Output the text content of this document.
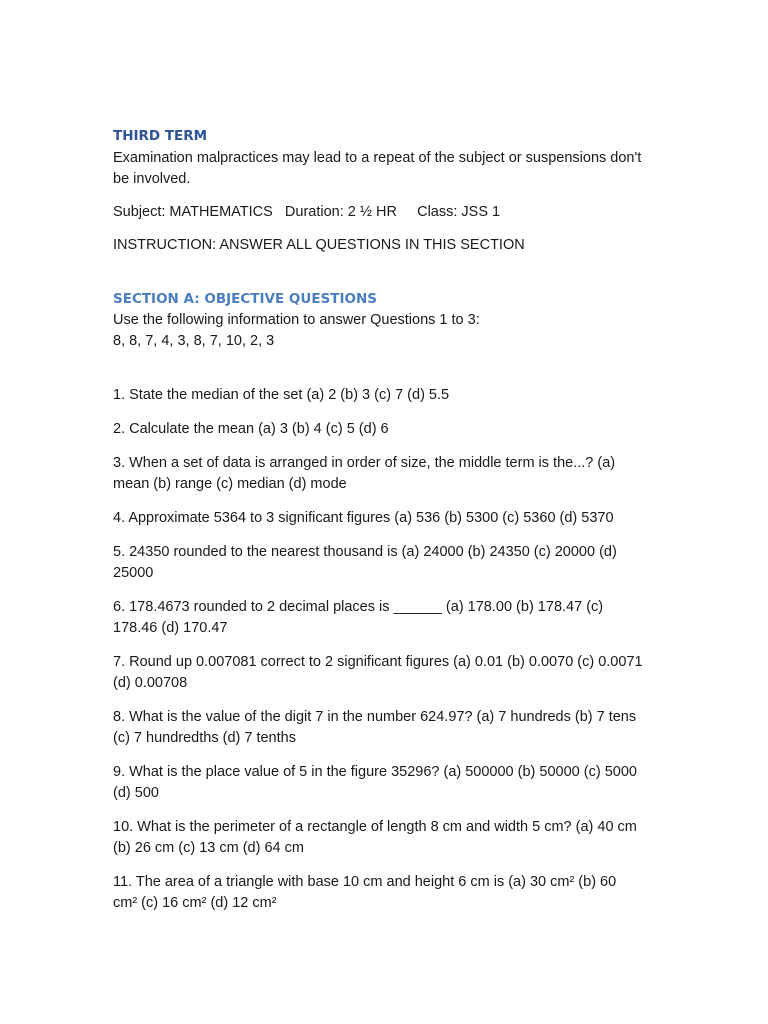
THIRD TERM

Examination malpractices may lead to a repeat of the subject or suspensions don't be involved.

Subject: MATHEMATICS Duration: 2 ½ HR Class: JSS 1

INSTRUCTION: ANSWER ALL QUESTIONS IN THIS SECTION

SECTION A: OBJECTIVE QUESTIONS

Use the following information to answer Questions 1 to 3:

8, 8, 7, 4, 3, 8, 7, 10, 2, 3

1. State the median of the set (a) 2 (b) 3 (c) 7 (d) 5.5

2. Calculate the mean (a) 3 (b) 4 (c) 5 (d) 6

3. When a set of data is arranged in order of size, the middle term is the...? (a) mean (b) range (c) median (d) mode

4. Approximate 5364 to 3 significant figures (a) 536 (b) 5300 (c) 5360 (d) 5370

5. 24350 rounded to the nearest thousand is (a) 24000 (b) 24350 (c) 20000 (d) 25000

6. 178.4673 rounded to 2 decimal places is ______ (a) 178.00 (b) 178.47 (c) 178.46 (d) 170.47

7. Round up 0.007081 correct to 2 significant figures (a) 0.01 (b) 0.0070 (c) 0.0071 (d) 0.00708

8. What is the value of the digit 7 in the number 624.97? (a) 7 hundreds (b) 7 tens (c) 7 hundredths (d) 7 tenths

9. What is the place value of 5 in the figure 35296? (a) 500000 (b) 50000 (c) 5000 (d) 500

10. What is the perimeter of a rectangle of length 8 cm and width 5 cm? (a) 40 cm (b) 26 cm (c) 13 cm (d) 64 cm

11. The area of a triangle with base 10 cm and height 6 cm is (a) 30 cm² (b) 60 cm² (c) 16 cm² (d) 12 cm²
